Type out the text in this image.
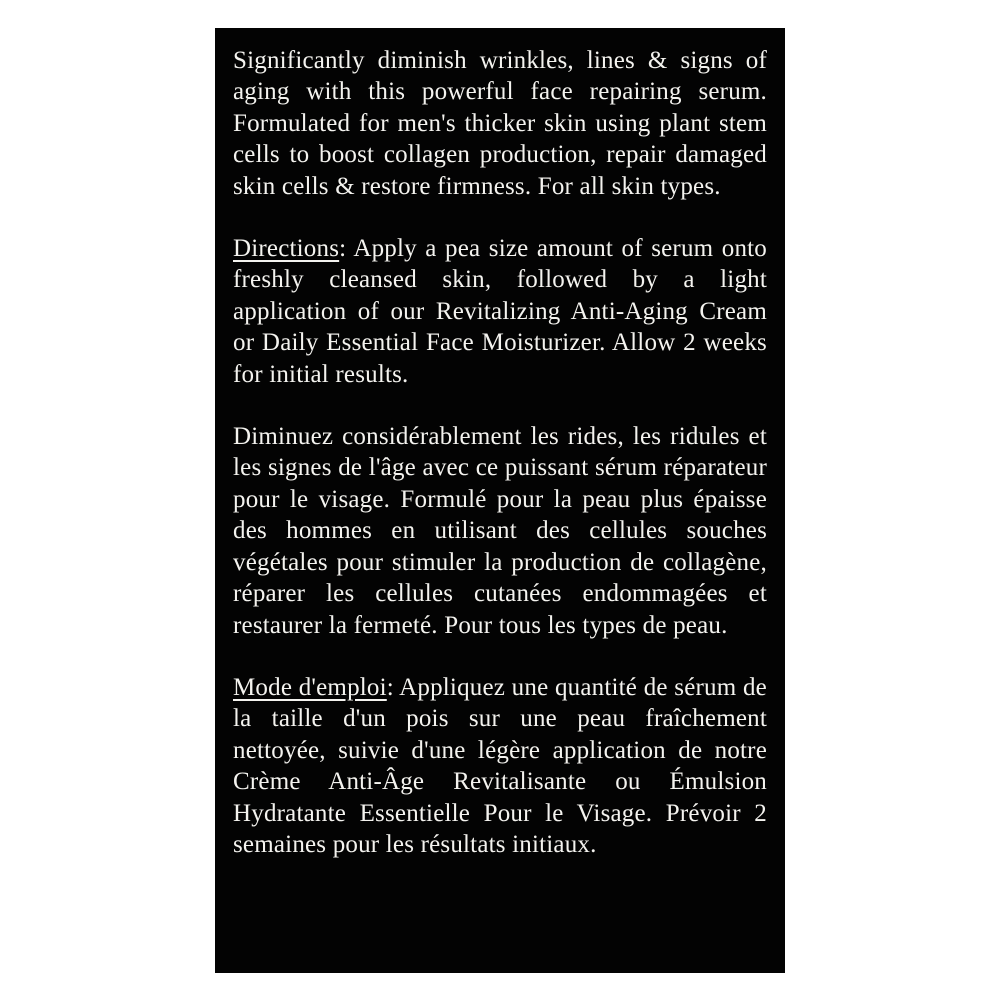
Significantly diminish wrinkles, lines & signs of aging with this powerful face repairing serum. Formulated for men's thicker skin using plant stem cells to boost collagen production, repair damaged skin cells & restore firmness. For all skin types.

Directions: Apply a pea size amount of serum onto freshly cleansed skin, followed by a light application of our Revitalizing Anti-Aging Cream or Daily Essential Face Moisturizer. Allow 2 weeks for initial results.

Diminuez considérablement les rides, les ridules et les signes de l'âge avec ce puissant sérum réparateur pour le visage. Formulé pour la peau plus épaisse des hommes en utilisant des cellules souches végétales pour stimuler la production de collagène, réparer les cellules cutanées endommagées et restaurer la fermeté. Pour tous les types de peau.

Mode d'emploi: Appliquez une quantité de sérum de la taille d'un pois sur une peau fraîchement nettoyée, suivie d'une légère application de notre Crème Anti-Âge Revitalisante ou Émulsion Hydratante Essentielle Pour le Visage. Prévoir 2 semaines pour les résultats initiaux.
